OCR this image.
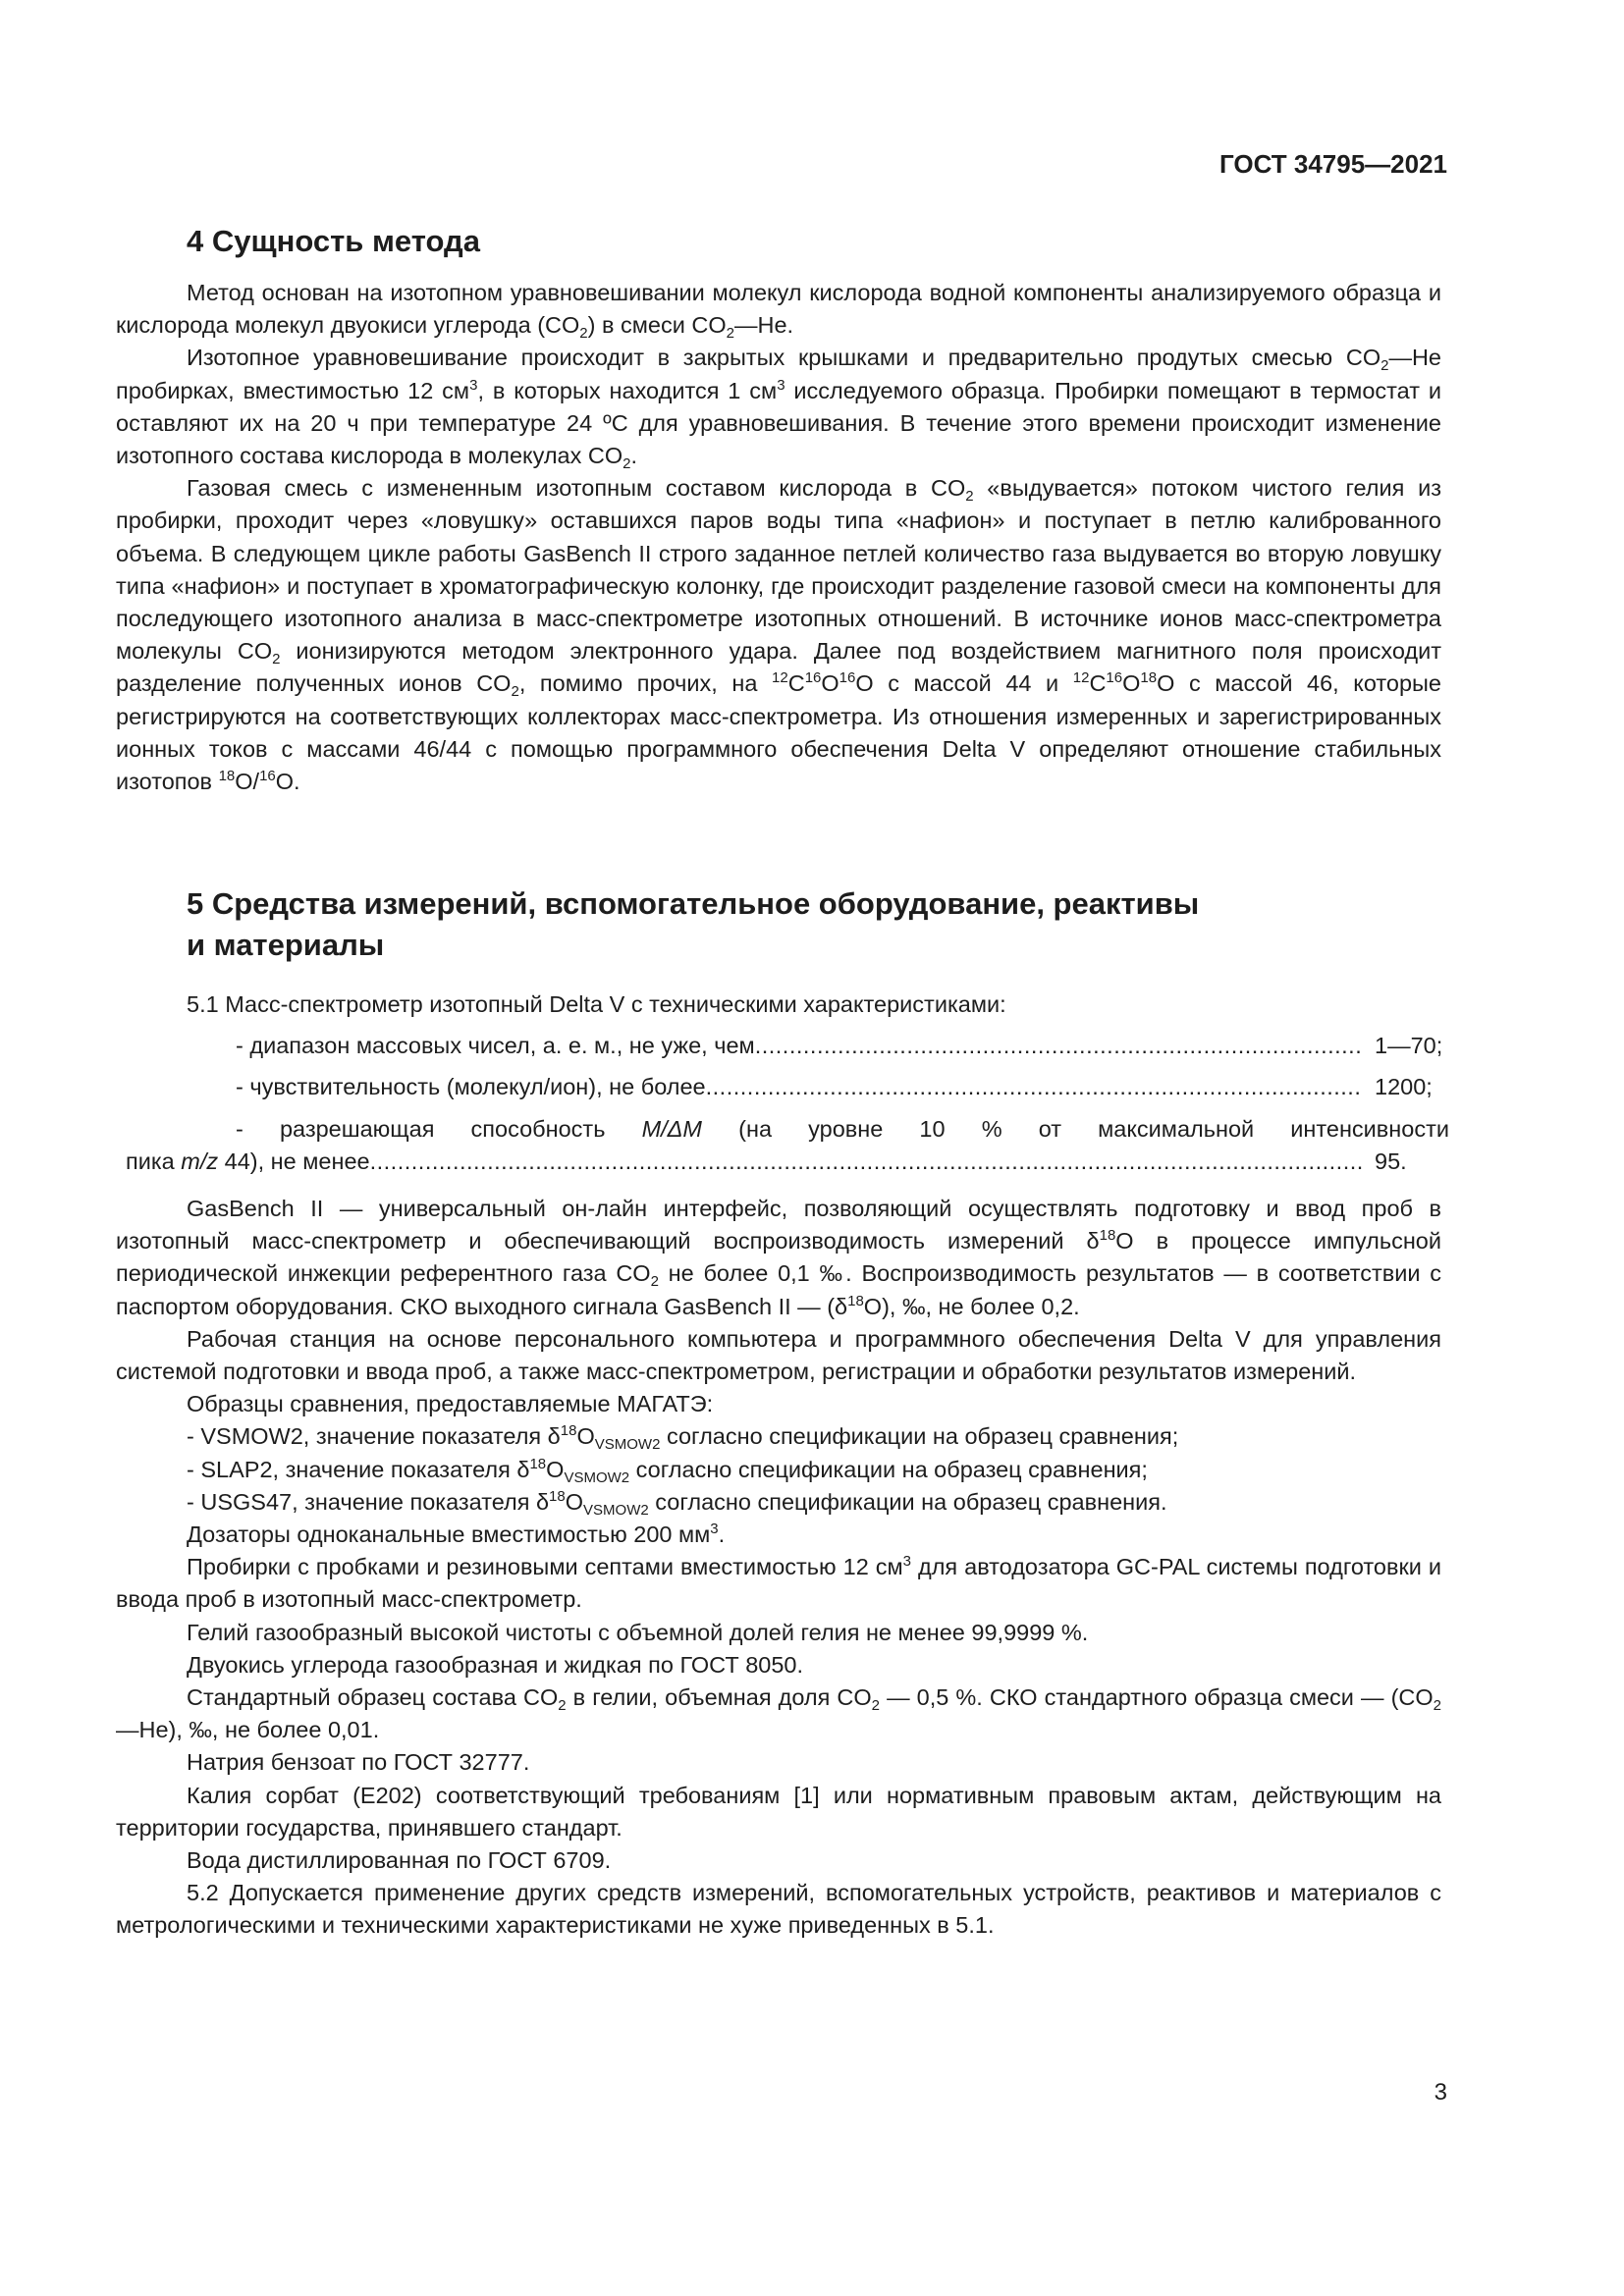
ГОСТ 34795—2021
4 Сущность метода

Метод основан на изотопном уравновешивании молекул кислорода водной компоненты анализируемого образца и кислорода молекул двуокиси углерода $(CO_2)$ в смеси $CO_2—He$.

Изотопное уравновешивание происходит в закрытых крышками и предварительно продутых смесью $CO_2—He$ пробирках, вместимостью 12 $см^3$, в которых находится 1 $см^3$ исследуемого образца. Пробирки помещают в термостат и оставляют их на 20 ч при температуре 24 ºС для уравновешивания. В течение этого времени происходит изменение изотопного состава кислорода в молекулах $CO_2$.

Газовая смесь с измененным изотопным составом кислорода в $CO_2$ «выдувается» потоком чистого гелия из пробирки, проходит через «ловушку» оставшихся паров воды типа «нафион» и поступает в петлю калиброванного объема. В следующем цикле работы GasBench II строго заданное петлей количество газа выдувается во вторую ловушку типа «нафион» и поступает в хроматографическую колонку, где происходит разделение газовой смеси на компоненты для последующего изотопного анализа в масс-спектрометре изотопных отношений. В источнике ионов масс-спектрометра молекулы $CO_2$ ионизируются методом электронного удара. Далее под воздействием магнитного поля происходит разделение полученных ионов $CO_2$, помимо прочих, на $^{12}C^{16}O^{16}O$ с массой 44 и $^{12}C^{16}O^{18}O$ с массой 46, которые регистрируются на соответствующих коллекторах масс-спектрометра. Из отношения измеренных и зарегистрированных ионных токов с массами 46/44 с помощью программного обеспечения Delta V определяют отношение стабильных изотопов $^{18}$O/$^{16}$O.

5 Средства измерений, вспомогательное оборудование, реактивы
и материалы

5.1 Масс-спектрометр изотопный Delta V с техническими характеристиками:

- диапазон массовых чисел, а. е. м., не уже, чем .....	1—70;
- чувствительность (молекул/ион), не более .....	1200;
- разрешающая способность M/ΔM (на уровне 10 % от максимальной интенсивности
пика m/z 44), не менее .....	95.

GasBench II — универсальный он-лайн интерфейс, позволяющий осуществлять подготовку и ввод проб в изотопный масс-спектрометр и обеспечивающий воспроизводимость измерений $\delta^{18}O$ в процессе импульсной периодической инжекции референтного газа $CO_2$ не более 0,1 ‰. Воспроизводимость результатов — в соответствии с паспортом оборудования. СКО выходного сигнала GasBench II — $(\delta^{18}O)$, ‰, не более 0,2.

Рабочая станция на основе персонального компьютера и программного обеспечения Delta V для управления системой подготовки и ввода проб, а также масс-спектрометром, регистрации и обработки результатов измерений.

Образцы сравнения, предоставляемые МАГАТЭ:

- VSMOW2, значение показателя $\delta^{18}O_{VSMOW2}$ согласно спецификации на образец сравнения;

- SLAP2, значение показателя $\delta^{18}O_{VSMOW2}$ согласно спецификации на образец сравнения;

- USGS47, значение показателя $\delta^{18}O_{VSMOW2}$ согласно спецификации на образец сравнения.

Дозаторы одноканальные вместимостью 200 $мм^3$.

Пробирки с пробками и резиновыми септами вместимостью 12 $см^3$ для автодозатора GC-PAL системы подготовки и ввода проб в изотопный масс-спектрометр.

Гелий газообразный высокой чистоты с объемной долей гелия не менее 99,9999 %.

Двуокись углерода газообразная и жидкая по ГОСТ 8050.

Стандартный образец состава $CO_2$ в гелии, объемная доля $CO_2$ — 0,5 %. СКО стандартного образца смеси — $(CO_2—He)$, ‰, не более 0,01.

Натрия бензоат по ГОСТ 32777.

Калия сорбат (Е202) соответствующий требованиям [1] или нормативным правовым актам, действующим на территории государства, принявшего стандарт.

Вода дистиллированная по ГОСТ 6709.

5.2 Допускается применение других средств измерений, вспомогательных устройств, реактивов и материалов с метрологическими и техническими характеристиками не хуже приведенных в 5.1.

3
